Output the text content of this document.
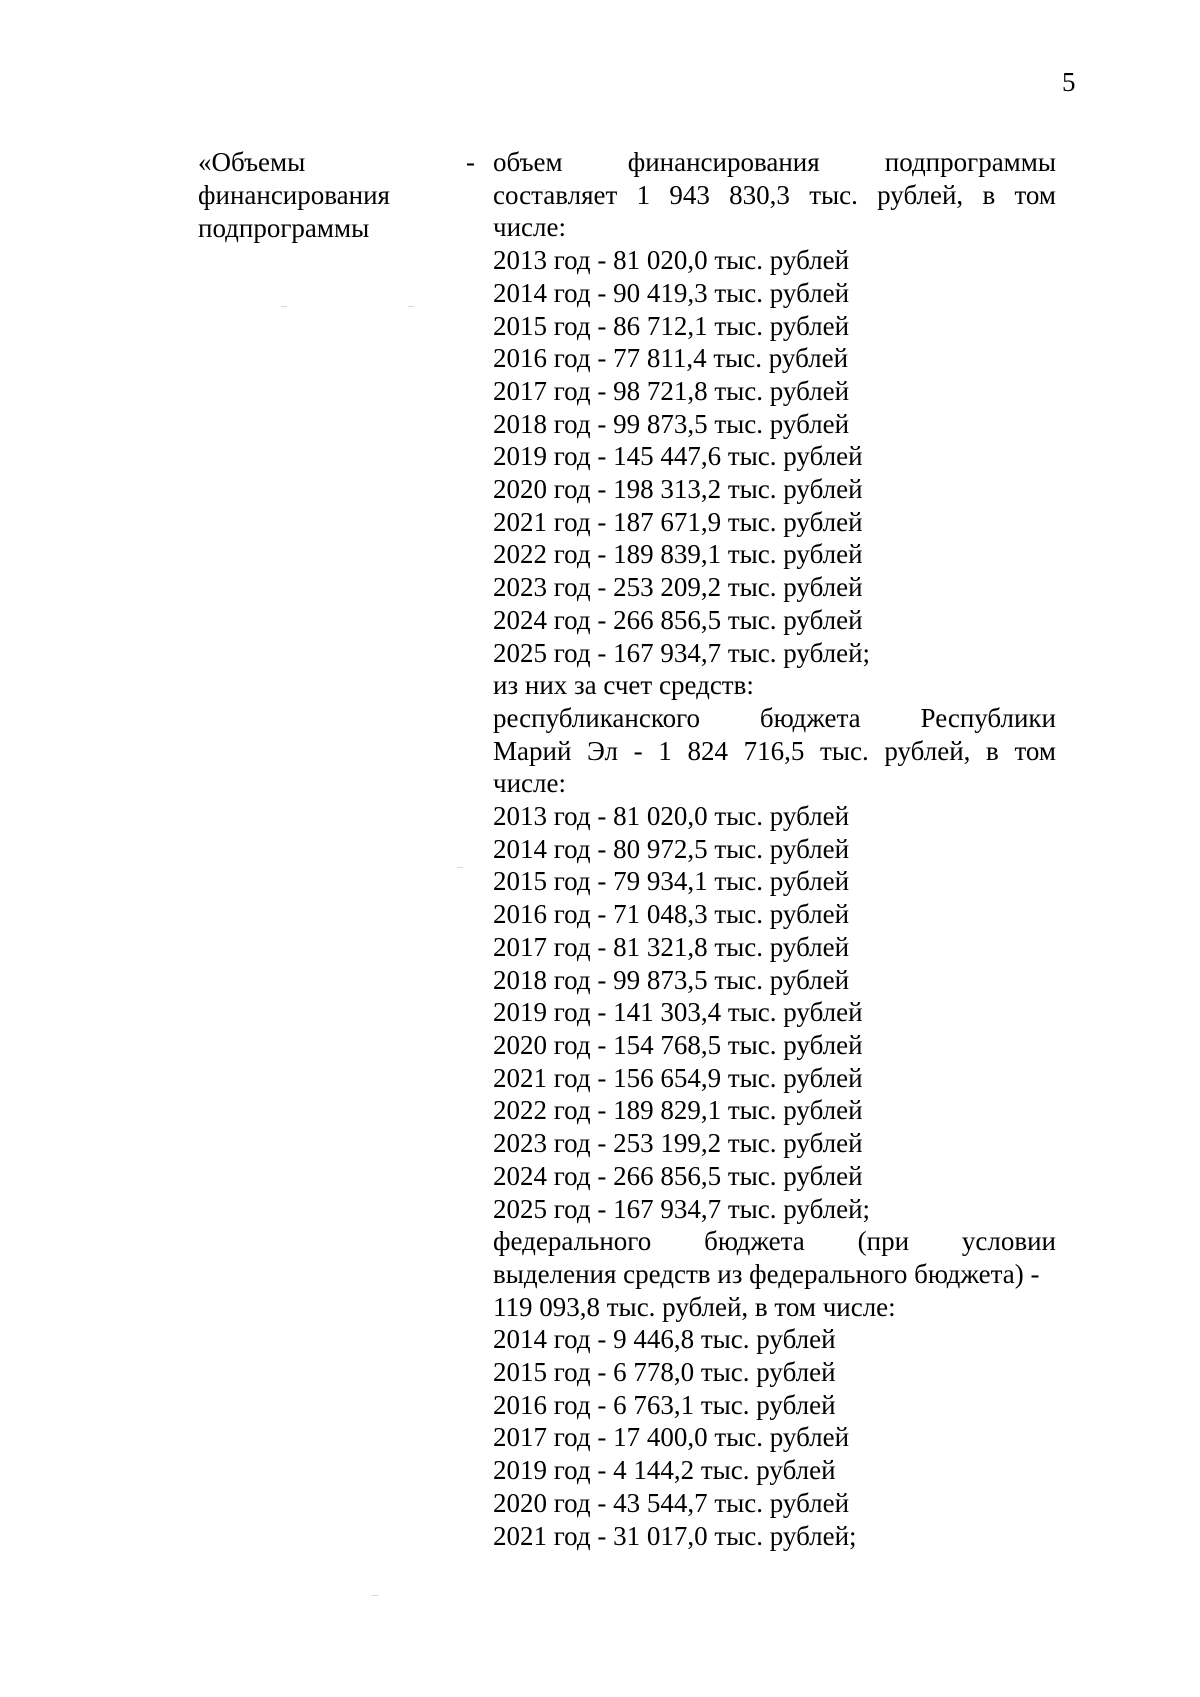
5
«Объемы
финансирования
подпрограммы
- объем финансирования подпрограммы

составляет 1 943 830,3 тыс. рублей, в том

числе:

2013 год - 81 020,0 тыс. рублей

2014 год - 90 419,3 тыс. рублей

2015 год - 86 712,1 тыс. рублей

2016 год - 77 811,4 тыс. рублей

2017 год - 98 721,8 тыс. рублей

2018 год - 99 873,5 тыс. рублей

2019 год - 145 447,6 тыс. рублей

2020 год - 198 313,2 тыс. рублей

2021 год - 187 671,9 тыс. рублей

2022 год - 189 839,1 тыс. рублей

2023 год - 253 209,2 тыс. рублей

2024 год - 266 856,5 тыс. рублей

2025 год - 167 934,7 тыс. рублей;

из них за счет средств:

республиканского бюджета Республики

Марий Эл - 1 824 716,5 тыс. рублей, в том

числе:

2013 год - 81 020,0 тыс. рублей

2014 год - 80 972,5 тыс. рублей

2015 год - 79 934,1 тыс. рублей

2016 год - 71 048,3 тыс. рублей

2017 год - 81 321,8 тыс. рублей

2018 год - 99 873,5 тыс. рублей

2019 год - 141 303,4 тыс. рублей

2020 год - 154 768,5 тыс. рублей

2021 год - 156 654,9 тыс. рублей

2022 год - 189 829,1 тыс. рублей

2023 год - 253 199,2 тыс. рублей

2024 год - 266 856,5 тыс. рублей

2025 год - 167 934,7 тыс. рублей;

федерального бюджета (при условии

выделения средств из федерального бюджета) -

119 093,8 тыс. рублей, в том числе:

2014 год - 9 446,8 тыс. рублей

2015 год - 6 778,0 тыс. рублей

2016 год - 6 763,1 тыс. рублей

2017 год - 17 400,0 тыс. рублей

2019 год - 4 144,2 тыс. рублей

2020 год - 43 544,7 тыс. рублей

2021 год - 31 017,0 тыс. рублей;
